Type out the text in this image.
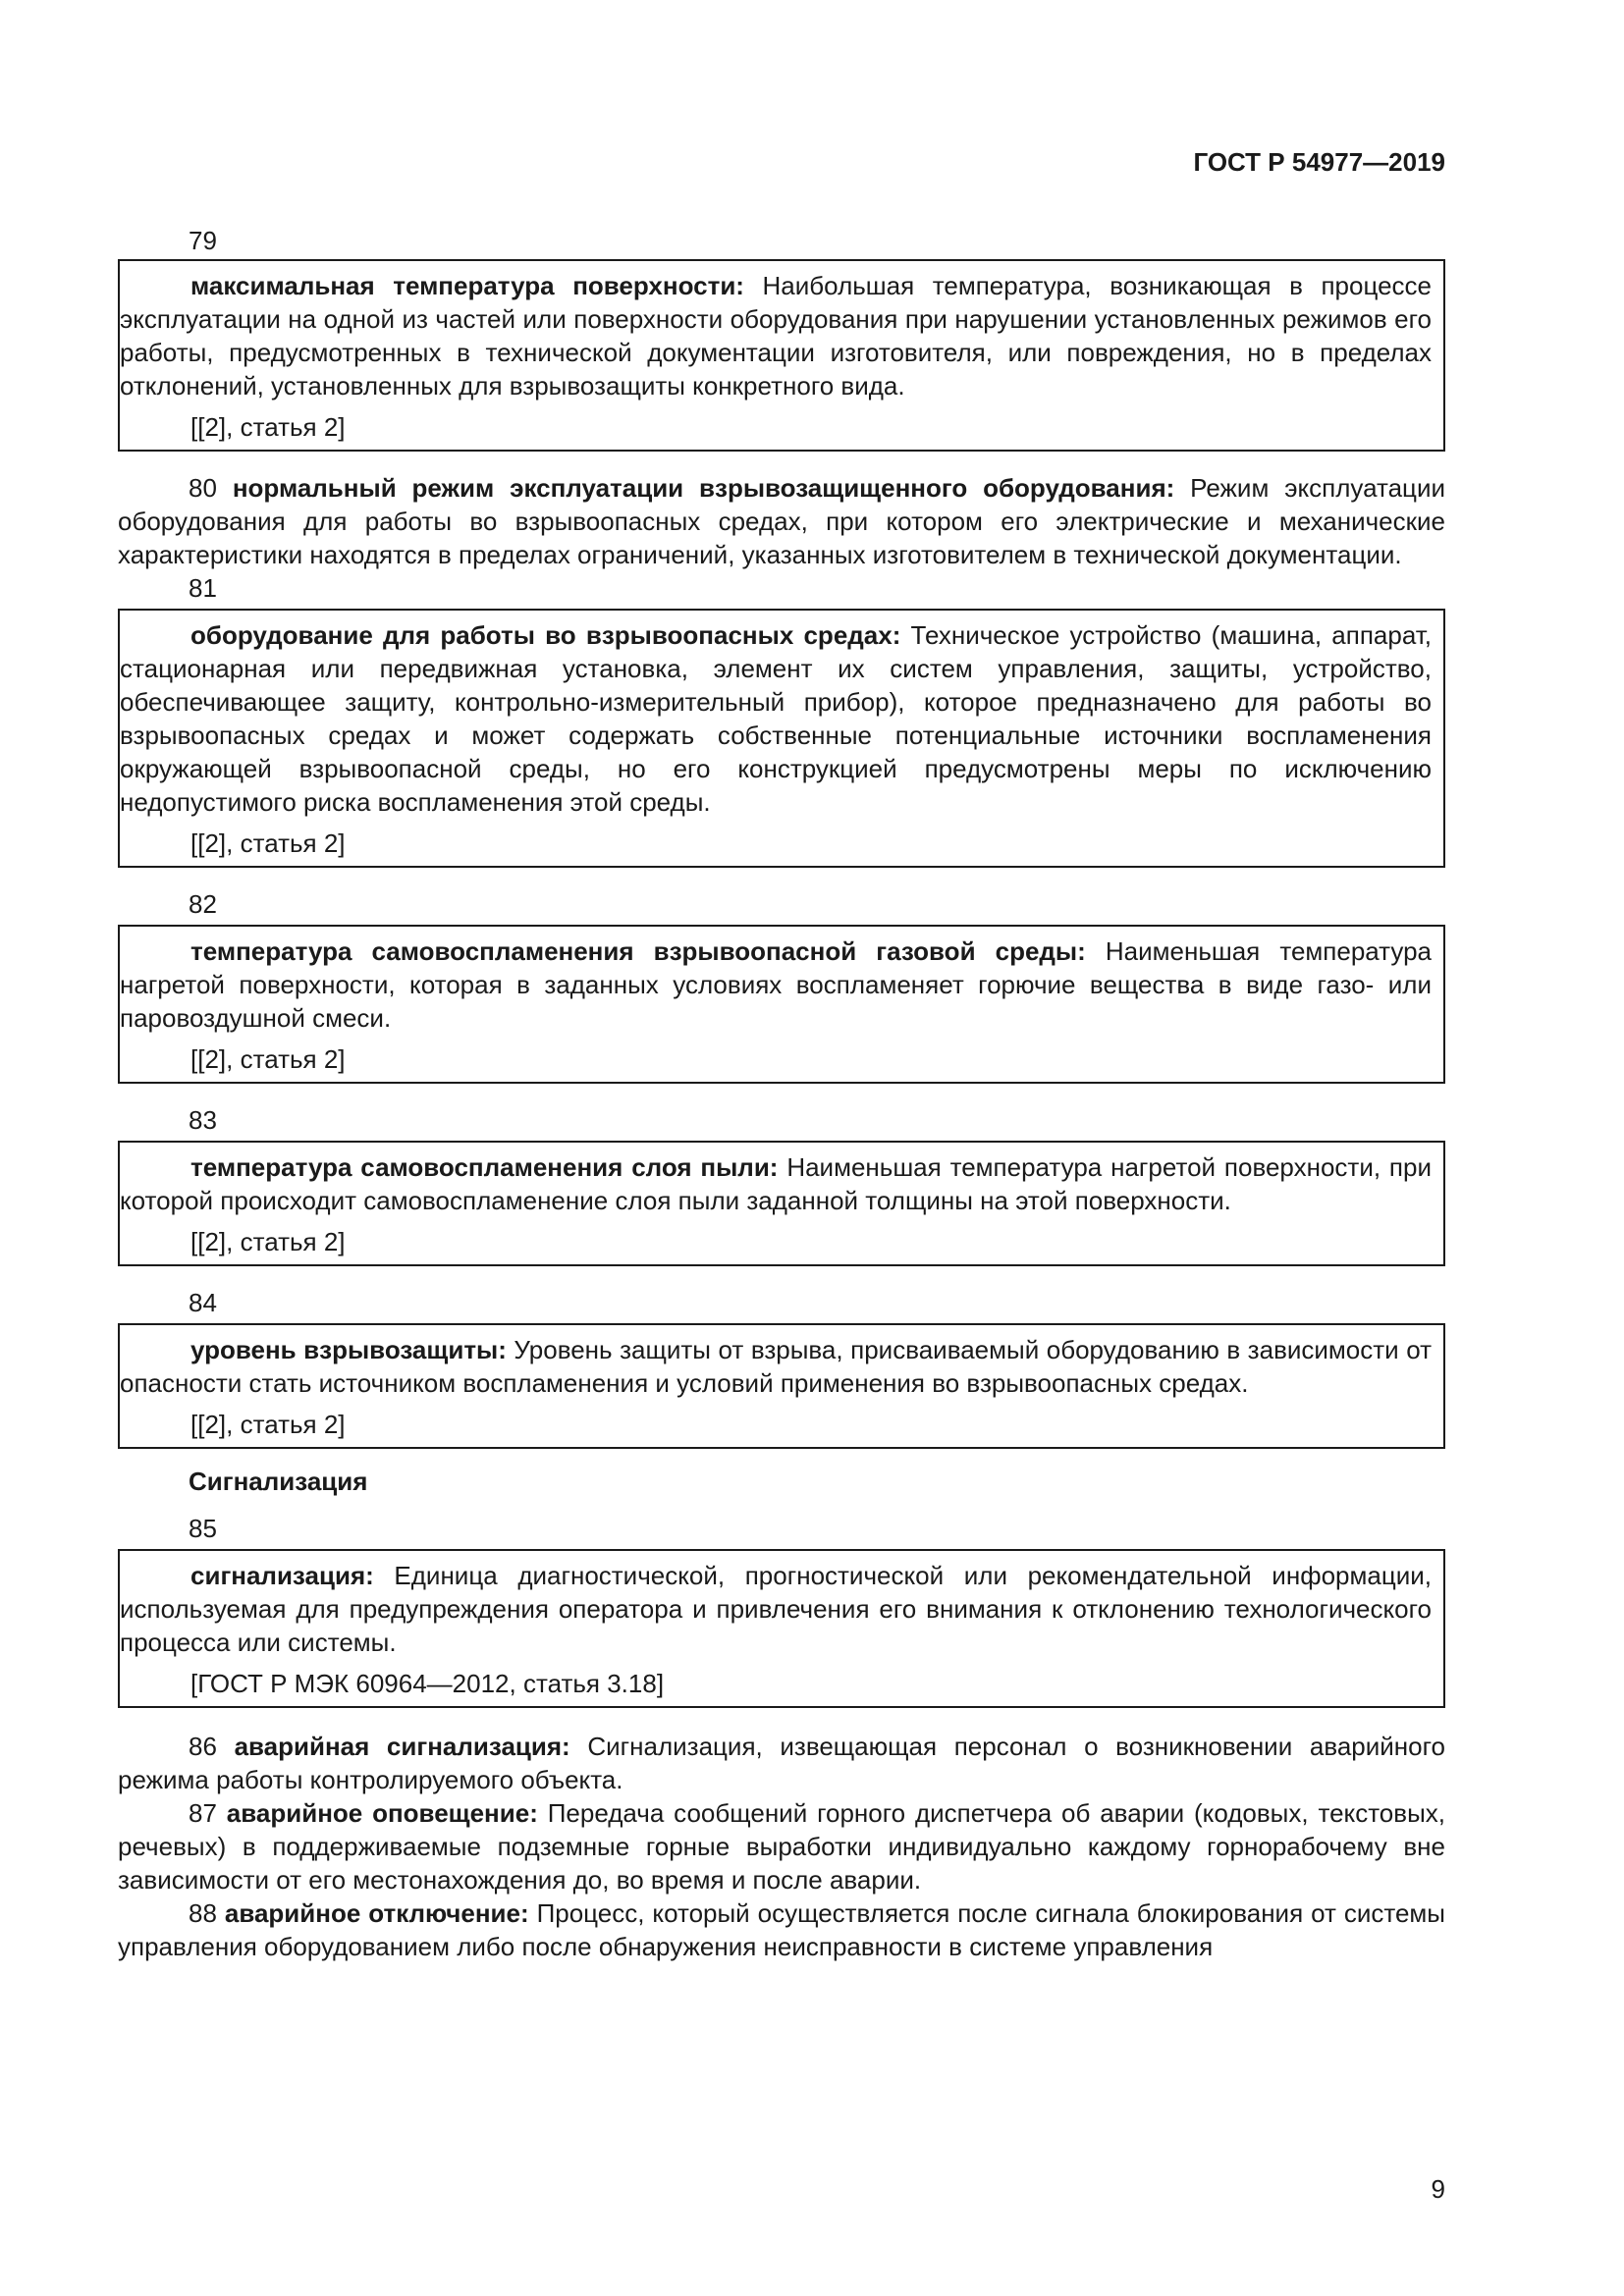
ГОСТ Р 54977—2019
79

максимальная температура поверхности: Наибольшая температура, возникающая в процессе эксплуатации на одной из частей или поверхности оборудования при нарушении установленных режимов его работы, предусмотренных в технической документации изготовителя, или повреждения, но в пределах отклонений, установленных для взрывозащиты конкретного вида.

[[2], статья 2]

80 нормальный режим эксплуатации взрывозащищенного оборудования: Режим эксплуатации оборудования для работы во взрывоопасных средах, при котором его электрические и механические характеристики находятся в пределах ограничений, указанных изготовителем в технической документации.

81

оборудование для работы во взрывоопасных средах: Техническое устройство (машина, аппарат, стационарная или передвижная установка, элемент их систем управления, защиты, устройство, обеспечивающее защиту, контрольно-измерительный прибор), которое предназначено для работы во взрывоопасных средах и может содержать собственные потенциальные источники воспламенения окружающей взрывоопасной среды, но его конструкцией предусмотрены меры по исключению недопустимого риска воспламенения этой среды.

[[2], статья 2]
82

температура самовоспламенения взрывоопасной газовой среды: Наименьшая температура нагретой поверхности, которая в заданных условиях воспламеняет горючие вещества в виде газо- или паровоздушной смеси.

[[2], статья 2]
83

температура самовоспламенения слоя пыли: Наименьшая температура нагретой поверхности, при которой происходит самовоспламенение слоя пыли заданной толщины на этой поверхности.

[[2], статья 2]
84

уровень взрывозащиты: Уровень защиты от взрыва, присваиваемый оборудованию в зависимости от опасности стать источником воспламенения и условий применения во взрывоопасных средах.

[[2], статья 2]

Сигнализация

85

сигнализация: Единица диагностической, прогностической или рекомендательной информации, используемая для предупреждения оператора и привлечения его внимания к отклонению технологического процесса или системы.

[ГОСТ Р МЭК 60964—2012, статья 3.18]

86 аварийная сигнализация: Сигнализация, извещающая персонал о возникновении аварийного режима работы контролируемого объекта.

87 аварийное оповещение: Передача сообщений горного диспетчера об аварии (кодовых, текстовых, речевых) в поддерживаемые подземные горные выработки индивидуально каждому горнорабочему вне зависимости от его местонахождения до, во время и после аварии.

88 аварийное отключение: Процесс, который осуществляется после сигнала блокирования от системы управления оборудованием либо после обнаружения неисправности в системе управления

9
